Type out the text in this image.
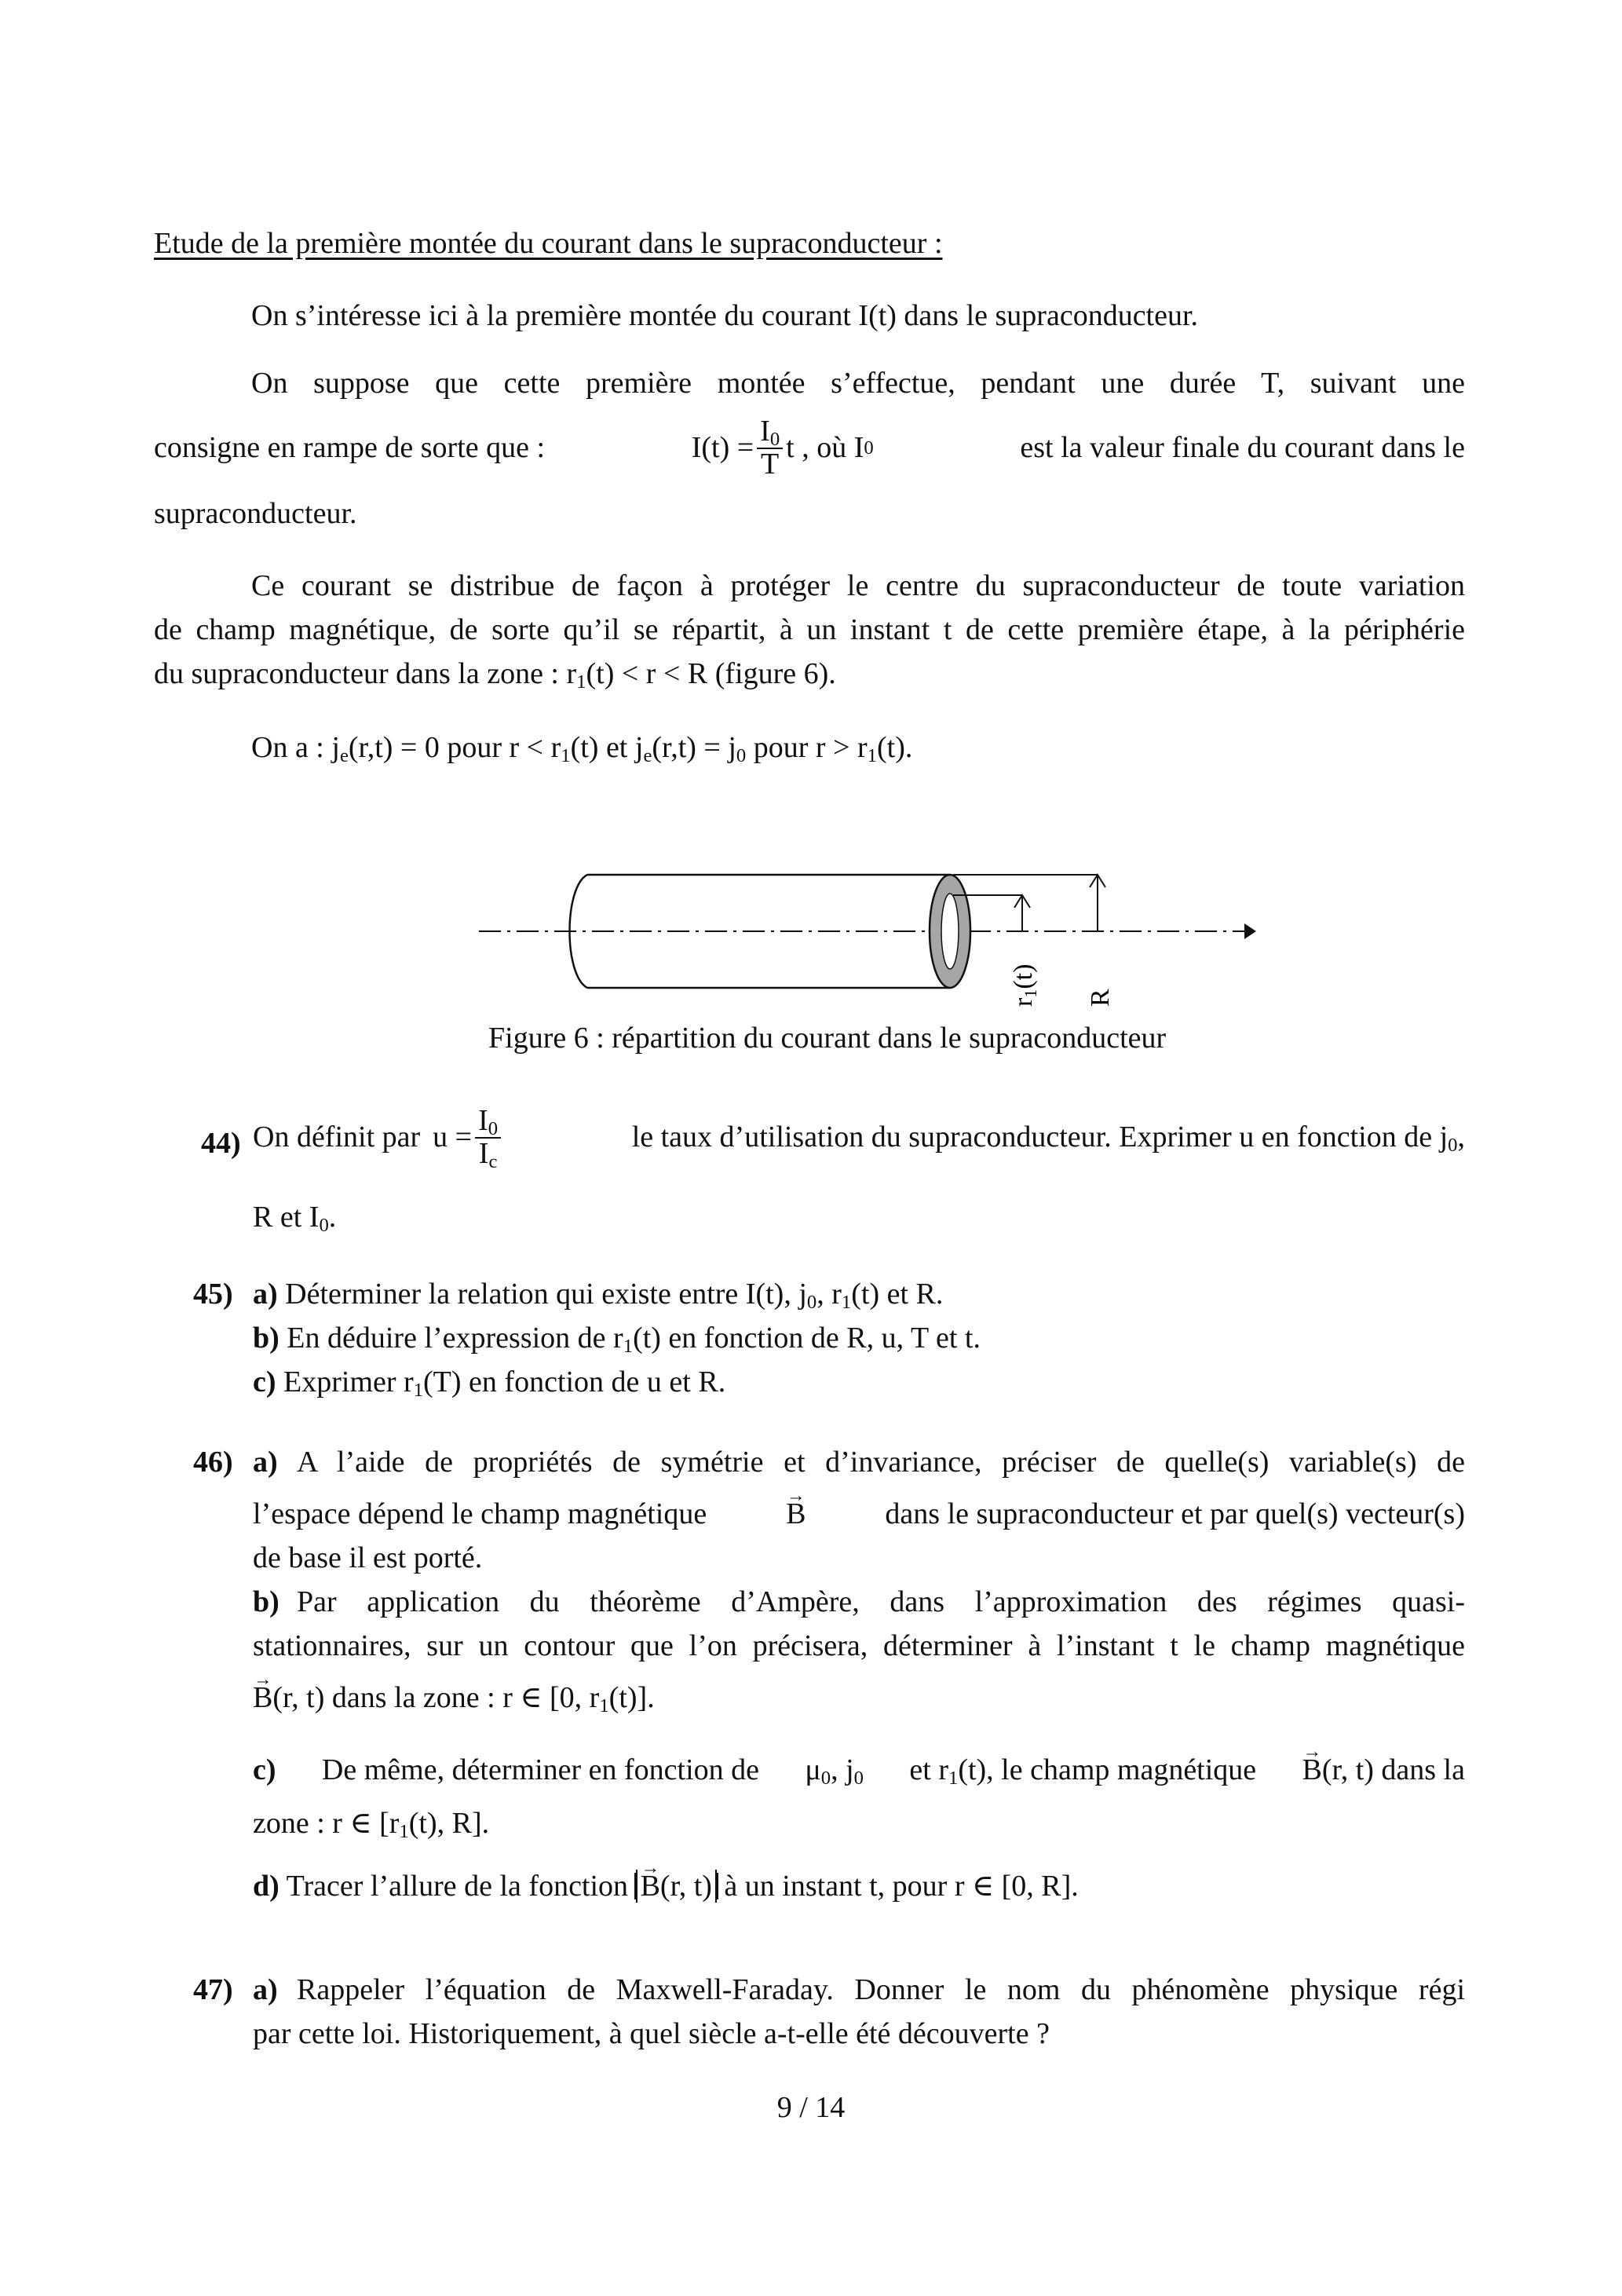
Etude de la première montée du courant dans le supraconducteur :
On s’intéresse ici à la première montée du courant I(t) dans le supraconducteur.
On suppose que cette première montée s’effectue, pendant une durée T, suivant une
consigne en rampe de sorte que :	$I(t) = \frac{I_0}{T}$ t , où I 0	est la valeur finale du courant dans le
supraconducteur.
Ce courant se distribue de façon à protéger le centre du supraconducteur de toute variation
de champ magnétique, de sorte qu’il se répartit, à un instant t de cette première étape, à la périphérie
du supraconducteur dans la zone : $r_1(t) < r < R$ (figure 6).
On a : $j_e(r,t) = 0$ pour $r < r_1(t)$ et $j_e(r,t) = j_0$ pour $r > r_1(t)$.
r1(t)
R
Figure 6 : répartition du courant dans le supraconducteur
44) On définit par $u = \frac{I_0}{I_c}$	le taux d’utilisation du supraconducteur. Exprimer u en fonction de $j_0$,
R et $I_0$.
45) a) Déterminer la relation qui existe entre I(t), $j_0$, $r_1(t)$ et R.
b) En déduire l’expression de $r_1(t)$ en fonction de R, u, T et t.
c) Exprimer $r_1(T)$ en fonction de u et R.
46) a) A l’aide de propriétés de symétrie et d’invariance, préciser de quelle(s) variable(s) de
l’espace dépend le champ magnétique	→ B	dans le supraconducteur et par quel(s) vecteur(s)
de base il est porté.
b) Par application du théorème d’Ampère, dans l’approximation des régimes quasi-
stationnaires, sur un contour que l’on précisera, déterminer à l’instant t le champ magnétique
→ B(r, t) dans la zone : r ∈ [0, $r_1(t)$].
c) De même, déterminer en fonction de $\mu_0$, $j_0$ et $r_1(t)$, le champ magnétique → B(r, t) dans la
zone : r ∈ [$r_1(t)$, R].
d) Tracer l’allure de la fonction → B(r, t) à un instant t, pour r ∈ [0, R].
47) a) Rappeler l’équation de Maxwell-Faraday. Donner le nom du phénomène physique régi
par cette loi. Historiquement, à quel siècle a-t-elle été découverte ?
9 / 14
